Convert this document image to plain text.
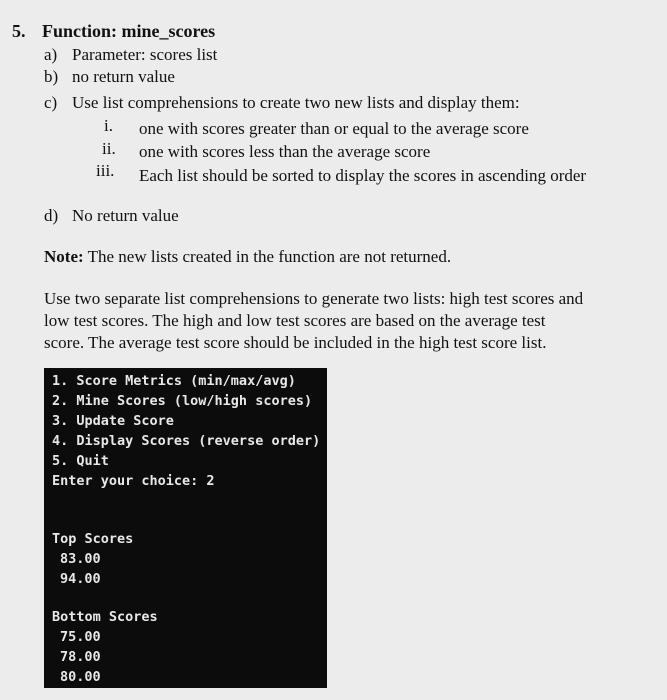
5. Function: mine_scores
a) Parameter: scores list
b) no return value
c) Use list comprehensions to create two new lists and display them:
i. one with scores greater than or equal to the average score
ii. one with scores less than the average score
iii. Each list should be sorted to display the scores in ascending order
d) No return value
Note: The new lists created in the function are not returned.
Use two separate list comprehensions to generate two lists: high test scores and
low test scores. The high and low test scores are based on the average test
score. The average test score should be included in the high test score list.
1. Score Metrics (min/max/avg)
2. Mine Scores (low/high scores)
3. Update Score
4. Display Scores (reverse order)
5. Quit
Enter your choice: 2
Top Scores
83.00
94.00
Bottom Scores
75.00
78.00
80.00
